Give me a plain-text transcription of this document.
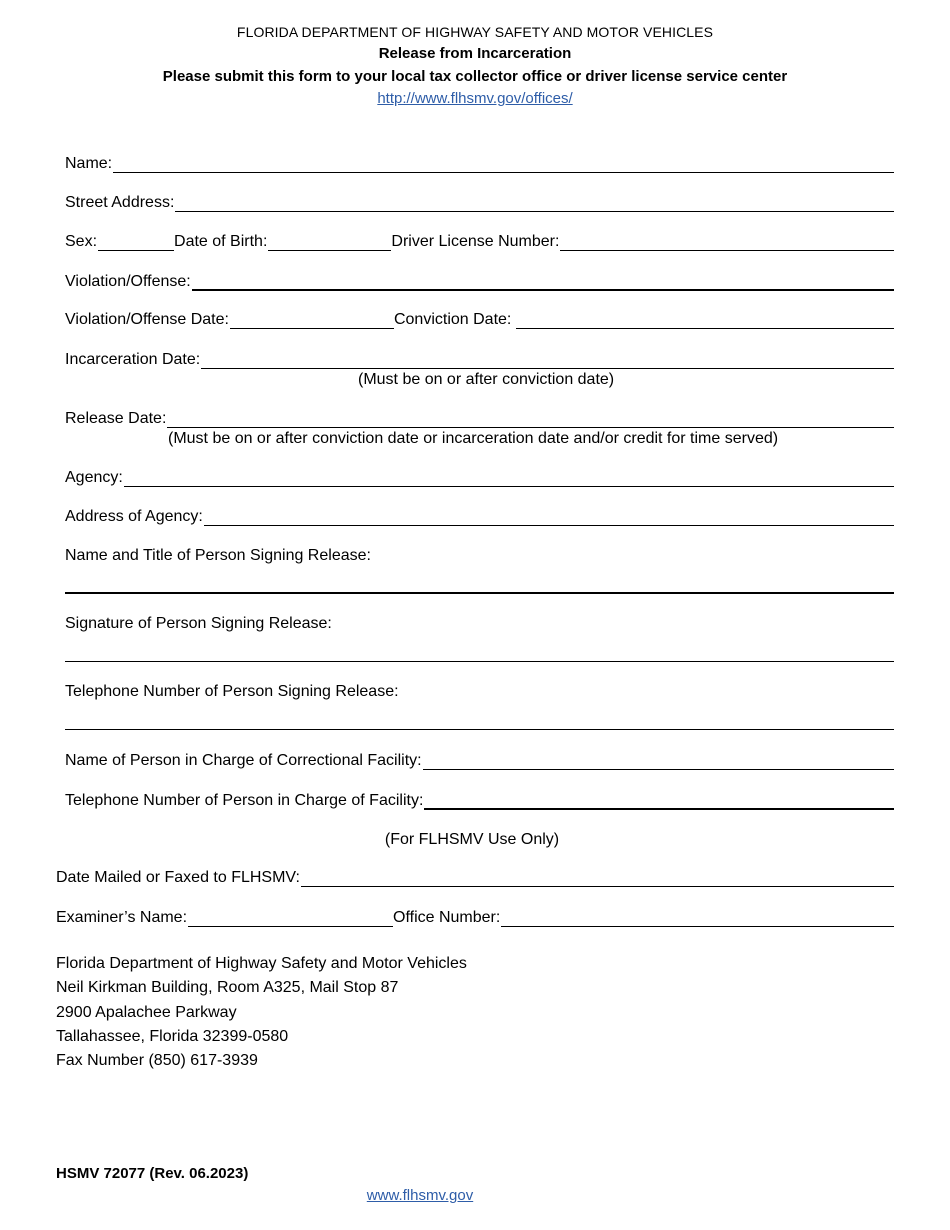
FLORIDA DEPARTMENT OF HIGHWAY SAFETY AND MOTOR VEHICLES
Release from Incarceration
Please submit this form to your local tax collector office or driver license service center
http://www.flhsmv.gov/offices/
Name:
Street Address:
Sex:	Date of Birth:	Driver License Number:
Violation/Offense:
Violation/Offense Date:	Conviction Date:
Incarceration Date:
(Must be on or after conviction date)
Release Date:
(Must be on or after conviction date or incarceration date and/or credit for time served)
Agency:
Address of Agency:
Name and Title of Person Signing Release:
Signature of Person Signing Release:
Telephone Number of Person Signing Release:
Name of Person in Charge of Correctional Facility:
Telephone Number of Person in Charge of Facility:
(For FLHSMV Use Only)
Date Mailed or Faxed to FLHSMV:
Examiner’s Name:	Office Number:
Florida Department of Highway Safety and Motor Vehicles
Neil Kirkman Building, Room A325, Mail Stop 87
2900 Apalachee Parkway
Tallahassee, Florida 32399-0580
Fax Number (850) 617-3939
HSMV 72077 (Rev. 06.2023)
www.flhsmv.gov
